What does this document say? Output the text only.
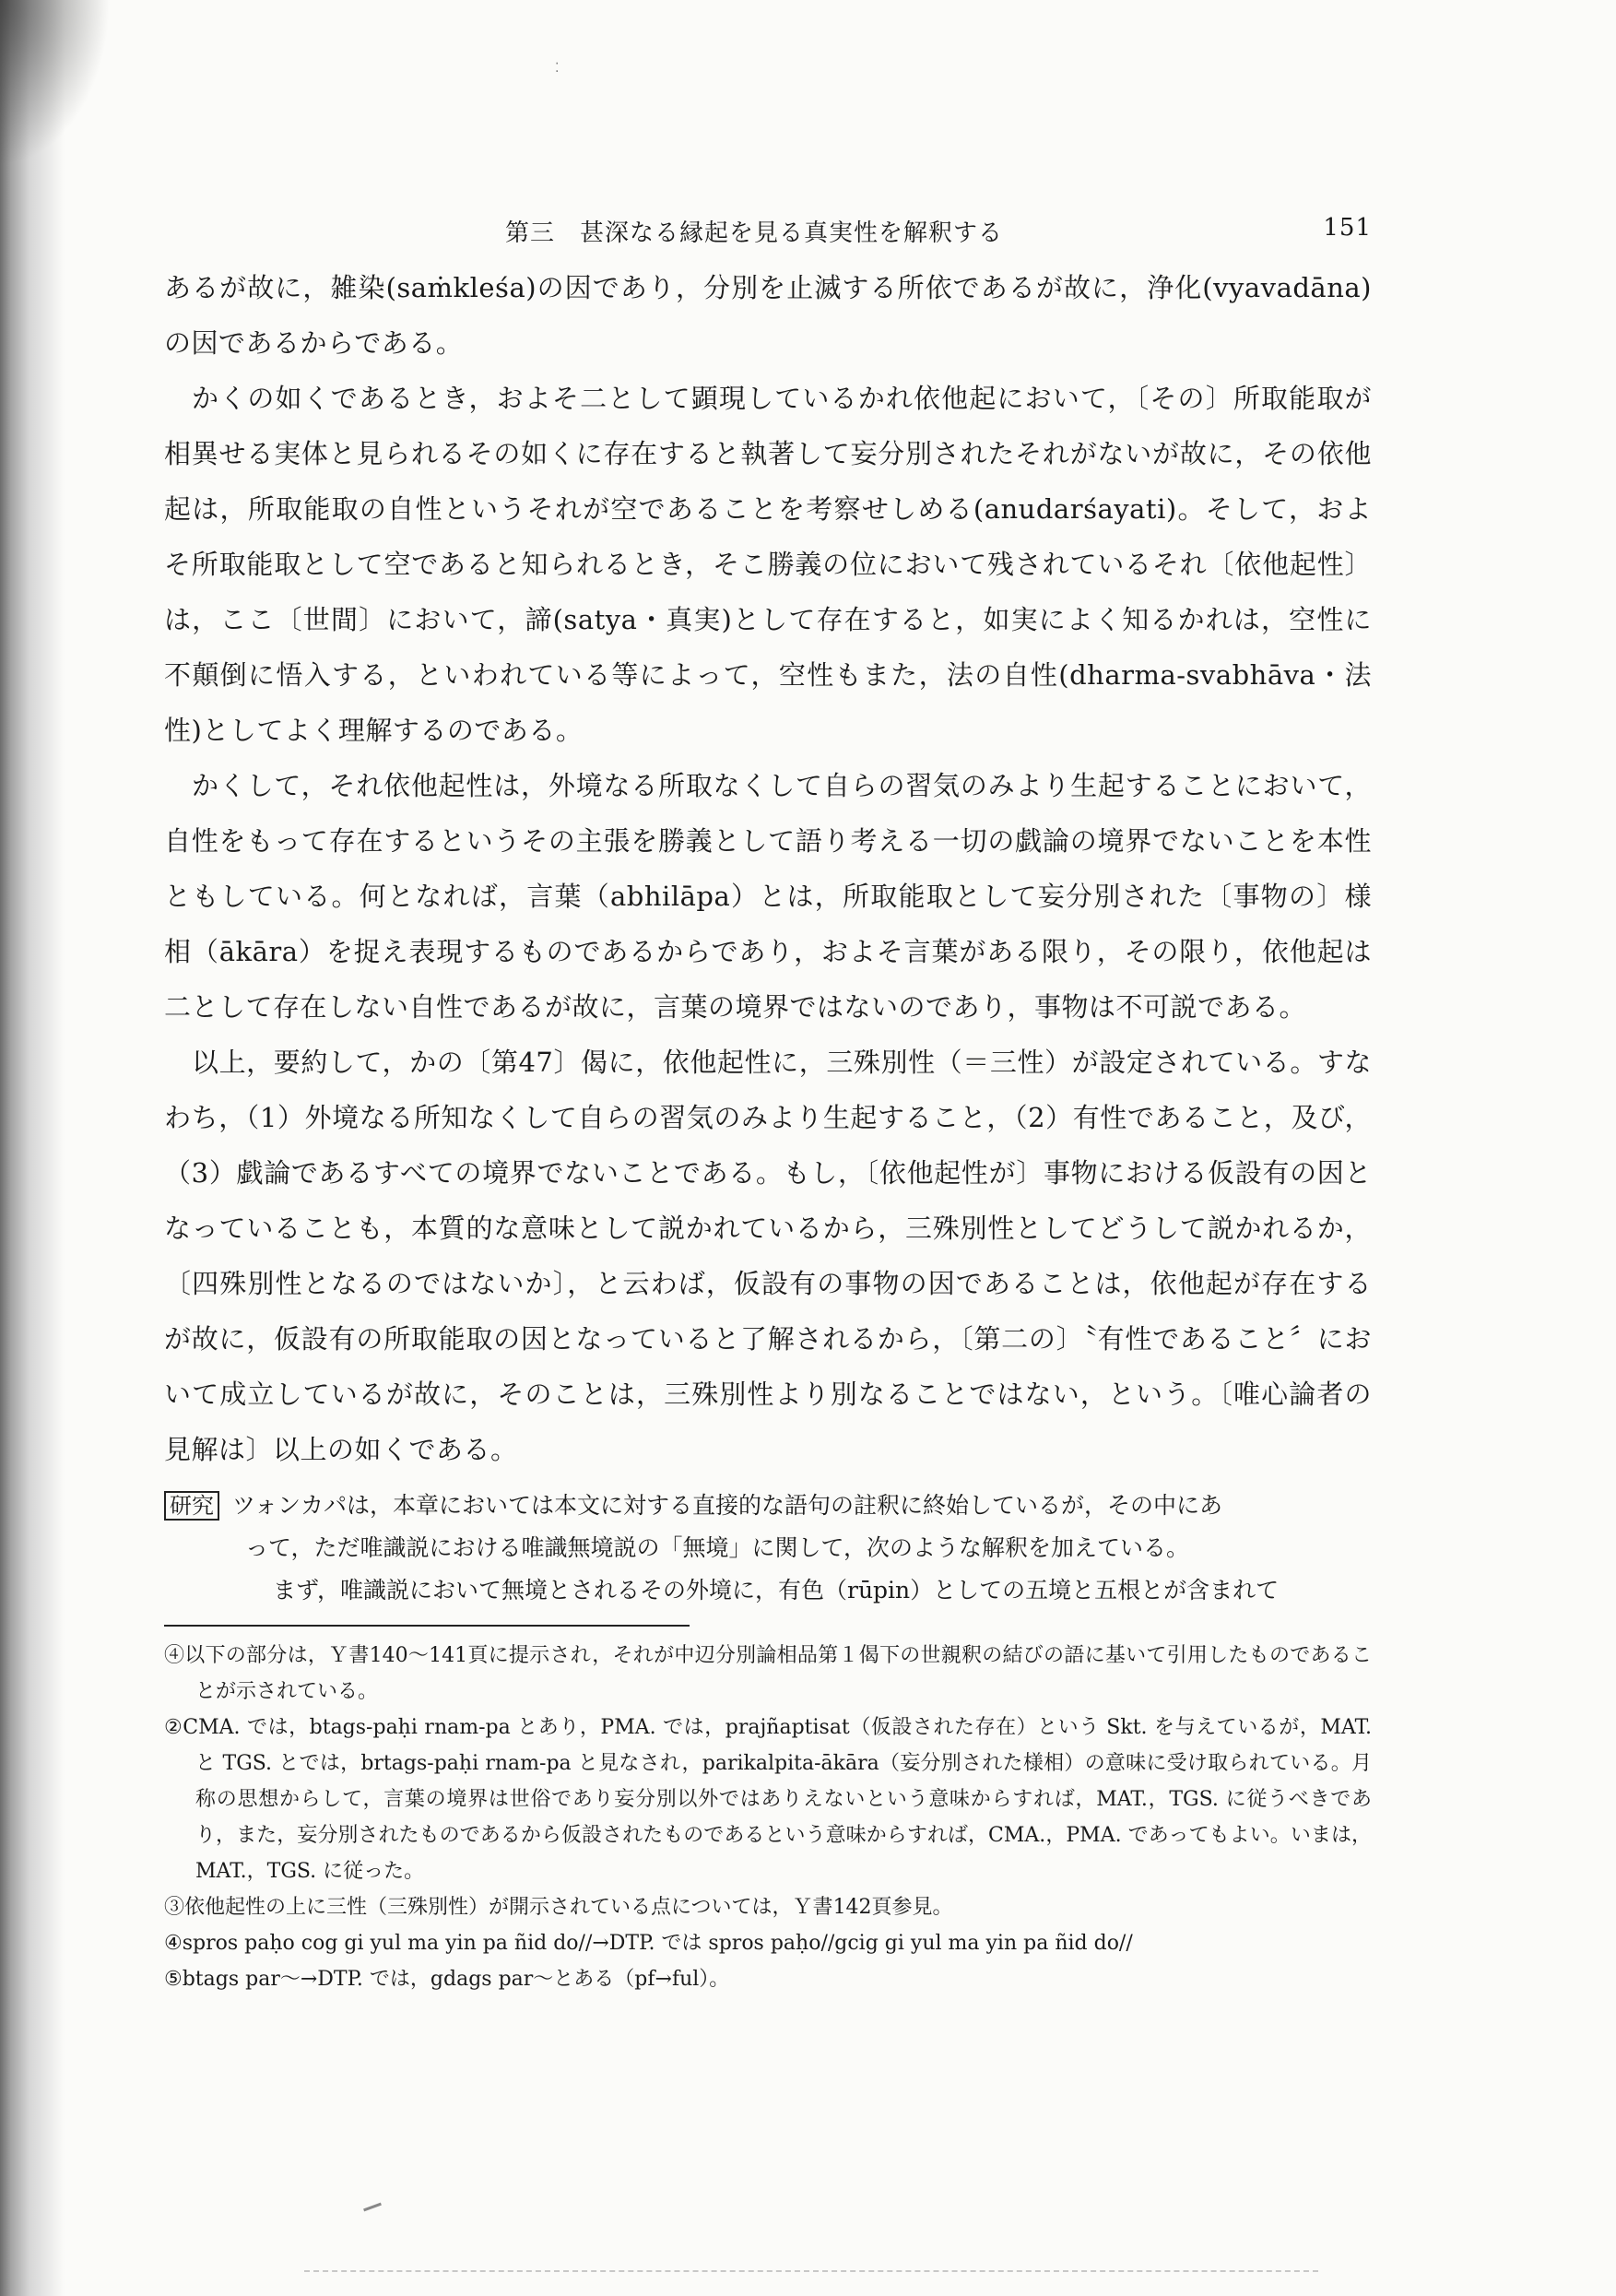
⁚
第三　甚深なる縁起を見る真実性を解釈する	151

あるが故に，雑染(saṁkleśa)の因であり，分別を止滅する所依であるが故に，浄化(vyavadāna)の因であるからである。

かくの如くであるとき，およそ二として顕現しているかれ依他起において，〔その〕所取能取が相異せる実体と見られるその如くに存在すると執著して妄分別されたそれがないが故に，その依他起は，所取能取の自性というそれが空であることを考察せしめる(anudarśayati)。そして，およそ所取能取として空であると知られるとき，そこ勝義の位において残されているそれ〔依他起性〕は，ここ〔世間〕において，諦(satya・真実)として存在すると，如実によく知るかれは，空性に不顛倒に悟入する，といわれている等によって，空性もまた，法の自性(dharma-svabhāva・法性)としてよく理解するのである。

かくして，それ依他起性は，外境なる所取なくして自らの習気のみより生起することにおいて，自性をもって存在するというその主張を勝義として語り考える一切の戯論の境界でないことを本性ともしている。何となれば，言葉（abhilāpa）とは，所取能取として妄分別された〔事物の〕様相（ākāra）を捉え表現するものであるからであり，およそ言葉がある限り，その限り，依他起は二として存在しない自性であるが故に，言葉の境界ではないのであり，事物は不可説である。

以上，要約して，かの〔第47〕偈に，依他起性に，三殊別性（＝三性）が設定されている。すなわち，（1）外境なる所知なくして自らの習気のみより生起すること，（2）有性であること，及び，（3）戯論であるすべての境界でないことである。もし，〔依他起性が〕事物における仮設有の因となっていることも，本質的な意味として説かれているから，三殊別性としてどうして説かれるか，〔四殊別性となるのではないか〕，と云わば，仮設有の事物の因であることは，依他起が存在するが故に，仮設有の所取能取の因となっていると了解されるから，〔第二の〕〝有性であること〞において成立しているが故に，そのことは，三殊別性より別なることではない，という。〔唯心論者の見解は〕以上の如くである。

研究 ツォンカパは，本章においては本文に対する直接的な語句の註釈に終始しているが，その中にあ
って，ただ唯識説における唯識無境説の「無境」に関して，次のような解釈を加えている。
まず，唯識説において無境とされるその外境に，有色（rūpin）としての五境と五根とが含まれて

④以下の部分は，Ｙ書140～141頁に提示され，それが中辺分別論相品第１偈下の世親釈の結びの語に基いて引用したものであることが示されている。

②CMA. では，btags-paḥi rnam-pa とあり，PMA. では，prajñaptisat（仮設された存在）という Skt. を与えているが，MAT. と TGS. とでは，brtags-paḥi rnam-pa と見なされ，parikalpita-ākāra（妄分別された様相）の意味に受け取られている。月称の思想からして，言葉の境界は世俗であり妄分別以外ではありえないという意味からすれば，MAT.，TGS. に従うべきであり，また，妄分別されたものであるから仮設されたものであるという意味からすれば，CMA.，PMA. であってもよい。いまは，MAT.，TGS. に従った。

③依他起性の上に三性（三殊別性）が開示されている点については，Ｙ書142頁参見。

④spros paḥo cog gi yul ma yin pa ñid do//→DTP. では spros paḥo//gcig gi yul ma yin pa ñid do//

⑤btags par～→DTP. では，gdags par～とある（pf→ful）。
